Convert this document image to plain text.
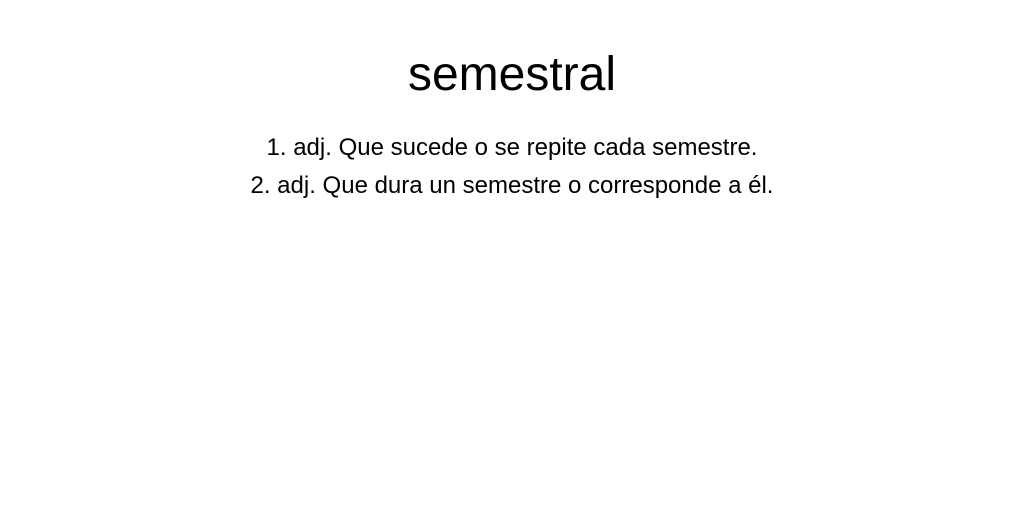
semestral
1. adj. Que sucede o se repite cada semestre.
2. adj. Que dura un semestre o corresponde a él.
